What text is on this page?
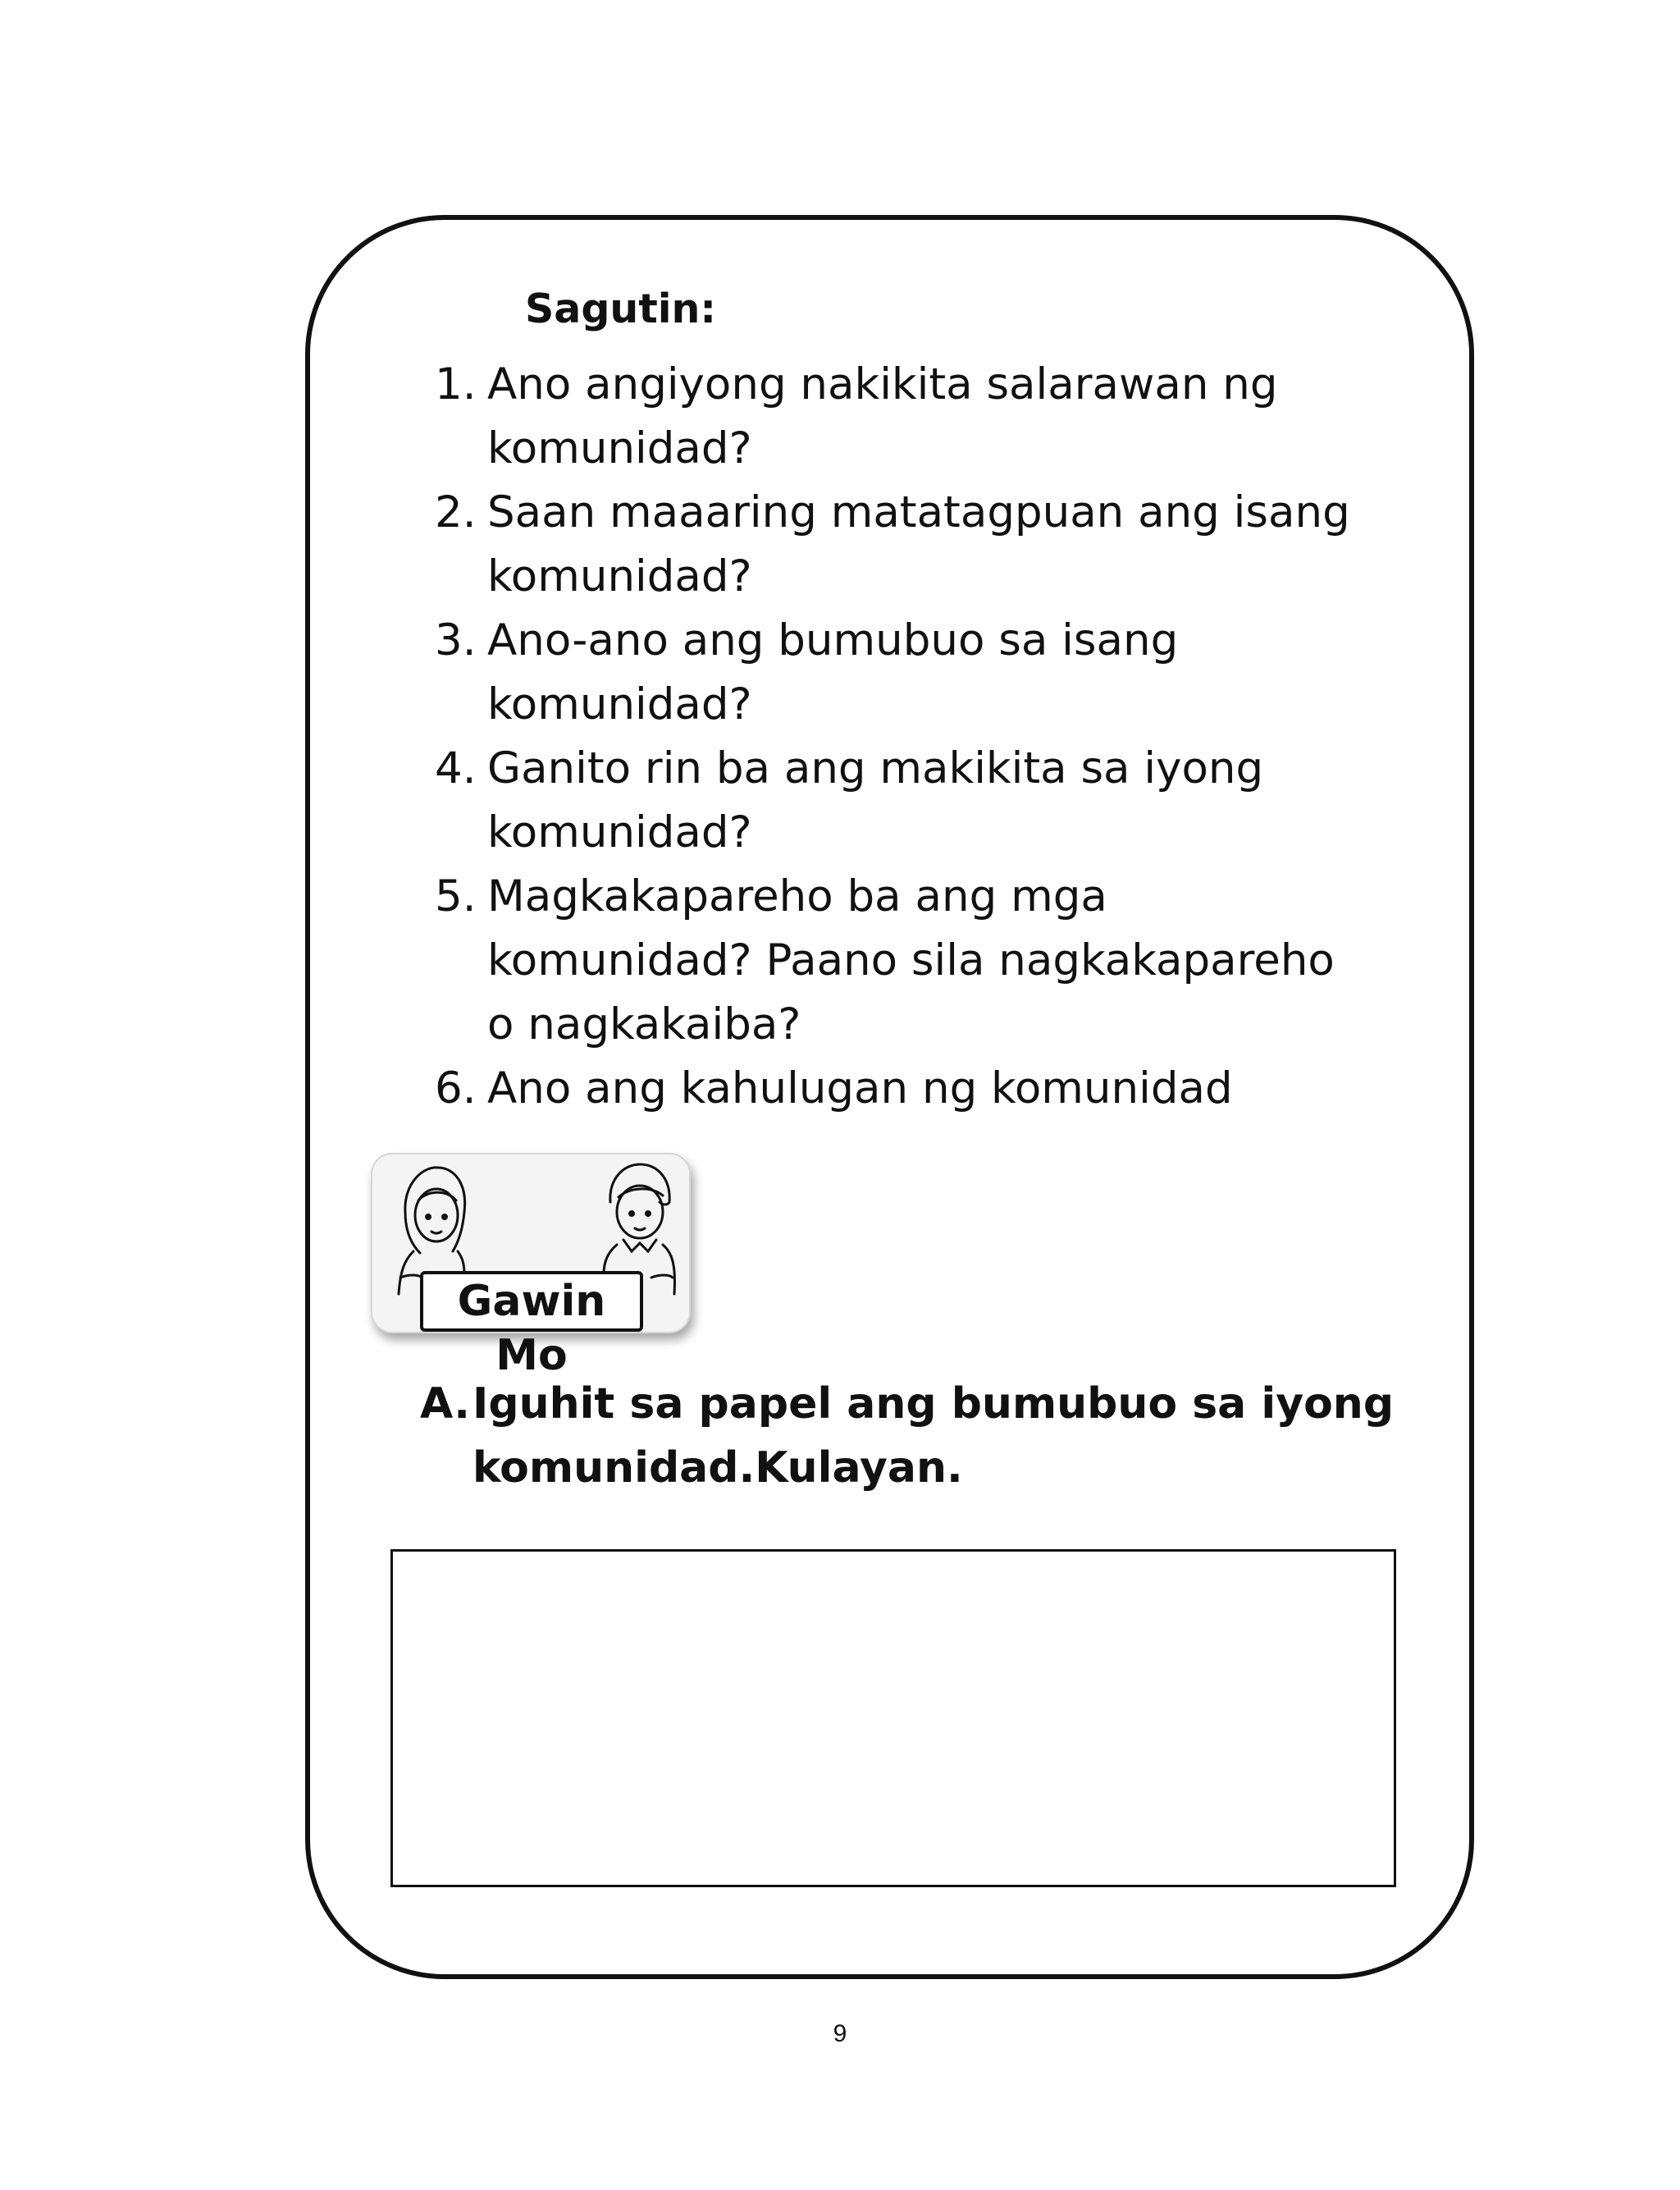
Sagutin:
1. Ano angiyong nakikita salarawan ng
komunidad?
2. Saan maaaring matatagpuan ang isang
komunidad?
3. Ano-ano ang bumubuo sa isang
komunidad?
4. Ganito rin ba ang makikita sa iyong
komunidad?
5. Magkakapareho ba ang mga
komunidad? Paano sila nagkakapareho
o nagkakaiba?
6. Ano ang kahulugan ng komunidad
Gawin Mo
A. Iguhit sa papel ang bumubuo sa iyong
komunidad.Kulayan.
9
